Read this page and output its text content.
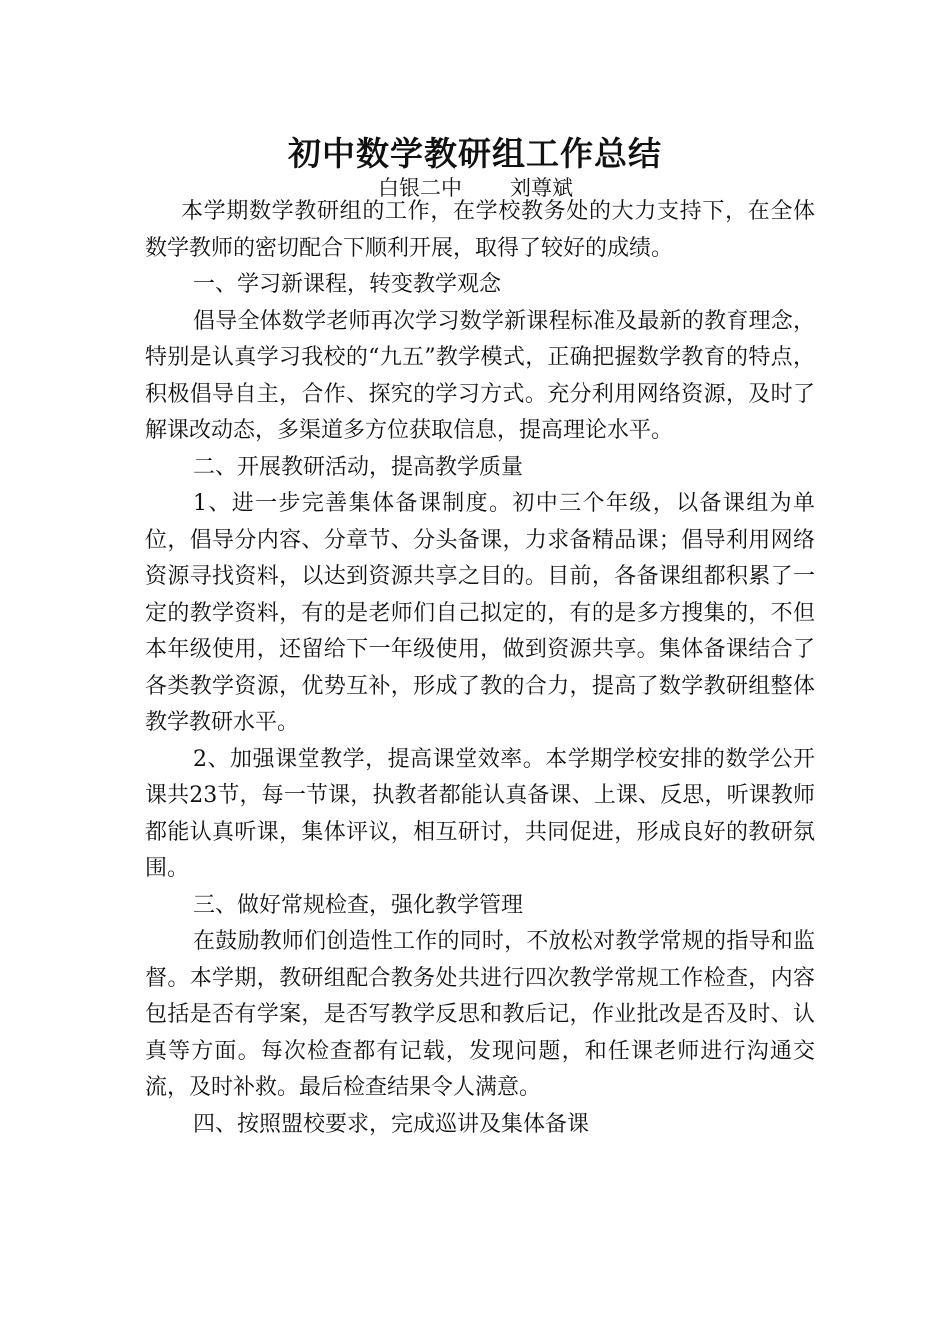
初中数学教研组工作总结
白银二中 刘尊斌

本学期数学教研组的工作，在学校教务处的大力支持下，在全体数学教师的密切配合下顺利开展，取得了较好的成绩。

一、学习新课程，转变教学观念

倡导全体数学老师再次学习数学新课程标准及最新的教育理念，特别是认真学习我校的“九五”教学模式，正确把握数学教育的特点，积极倡导自主，合作、探究的学习方式。充分利用网络资源，及时了解课改动态，多渠道多方位获取信息，提高理论水平。

二、开展教研活动，提高教学质量

1、进一步完善集体备课制度。初中三个年级，以备课组为单位，倡导分内容、分章节、分头备课，力求备精品课；倡导利用网络资源寻找资料，以达到资源共享之目的。目前，各备课组都积累了一定的教学资料，有的是老师们自己拟定的，有的是多方搜集的，不但本年级使用，还留给下一年级使用，做到资源共享。集体备课结合了各类教学资源，优势互补，形成了教的合力，提高了数学教研组整体教学教研水平。

2、加强课堂教学，提高课堂效率。本学期学校安排的数学公开课共23节，每一节课，执教者都能认真备课、上课、反思，听课教师都能认真听课，集体评议，相互研讨，共同促进，形成良好的教研氛围。

三、做好常规检查，强化教学管理

在鼓励教师们创造性工作的同时，不放松对教学常规的指导和监督。本学期，教研组配合教务处共进行四次教学常规工作检查，内容包括是否有学案，是否写教学反思和教后记，作业批改是否及时、认真等方面。每次检查都有记载，发现问题，和任课老师进行沟通交流，及时补救。最后检查结果令人满意。

四、按照盟校要求，完成巡讲及集体备课
